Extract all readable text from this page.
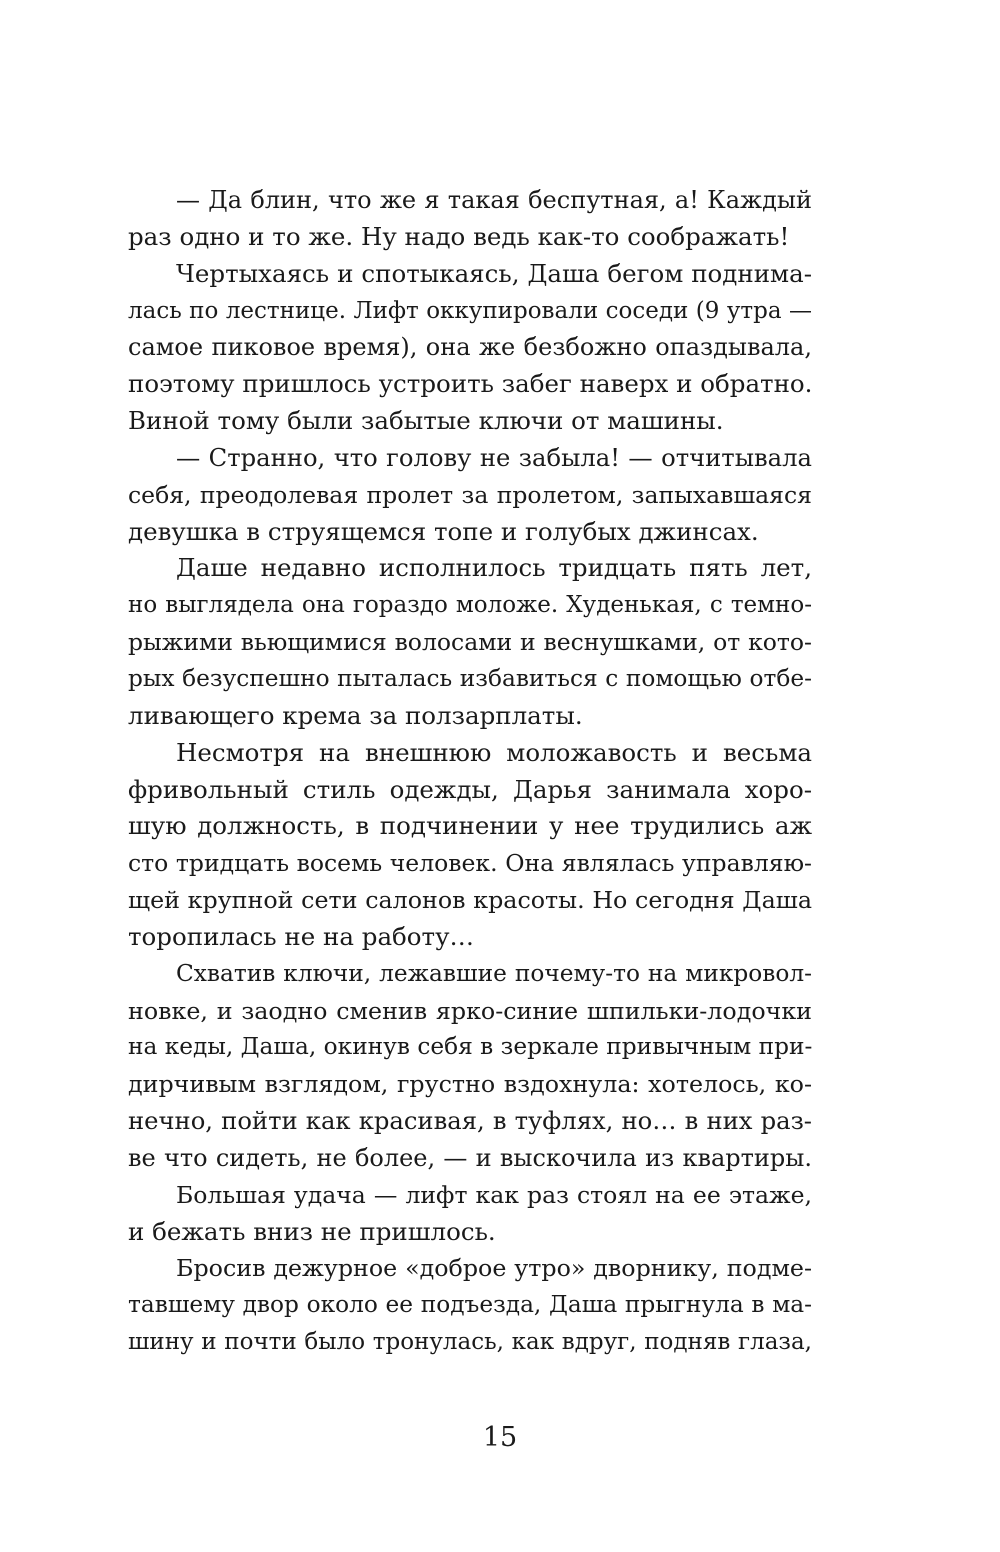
— Да блин, что же я такая беспутная, а! Каждый
раз одно и то же. Ну надо ведь как-то соображать!
Чертыхаясь и спотыкаясь, Даша бегом поднима-
лась по лестнице. Лифт оккупировали соседи (9 утра —
самое пиковое время), она же безбожно опаздывала,
поэтому пришлось устроить забег наверх и обратно.
Виной тому были забытые ключи от машины.
— Странно, что голову не забыла! — отчитывала
себя, преодолевая пролет за пролетом, запыхавшаяся
девушка в струящемся топе и голубых джинсах.
Даше недавно исполнилось тридцать пять лет,
но выглядела она гораздо моложе. Худенькая, с темно-
рыжими вьющимися волосами и веснушками, от кото-
рых безуспешно пыталась избавиться с помощью отбе-
ливающего крема за ползарплаты.
Несмотря на внешнюю моложавость и весьма
фривольный стиль одежды, Дарья занимала хоро-
шую должность, в подчинении у нее трудились аж
сто тридцать восемь человек. Она являлась управляю-
щей крупной сети салонов красоты. Но сегодня Даша
торопилась не на работу…
Схватив ключи, лежавшие почему-то на микровол-
новке, и заодно сменив ярко-синие шпильки-лодочки
на кеды, Даша, окинув себя в зеркале привычным при-
дирчивым взглядом, грустно вздохнула: хотелось, ко-
нечно, пойти как красивая, в туфлях, но… в них раз-
ве что сидеть, не более, — и выскочила из квартиры.
Большая удача — лифт как раз стоял на ее этаже,
и бежать вниз не пришлось.
Бросив дежурное «доброе утро» дворнику, подме-
тавшему двор около ее подъезда, Даша прыгнула в ма-
шину и почти было тронулась, как вдруг, подняв глаза,
15
